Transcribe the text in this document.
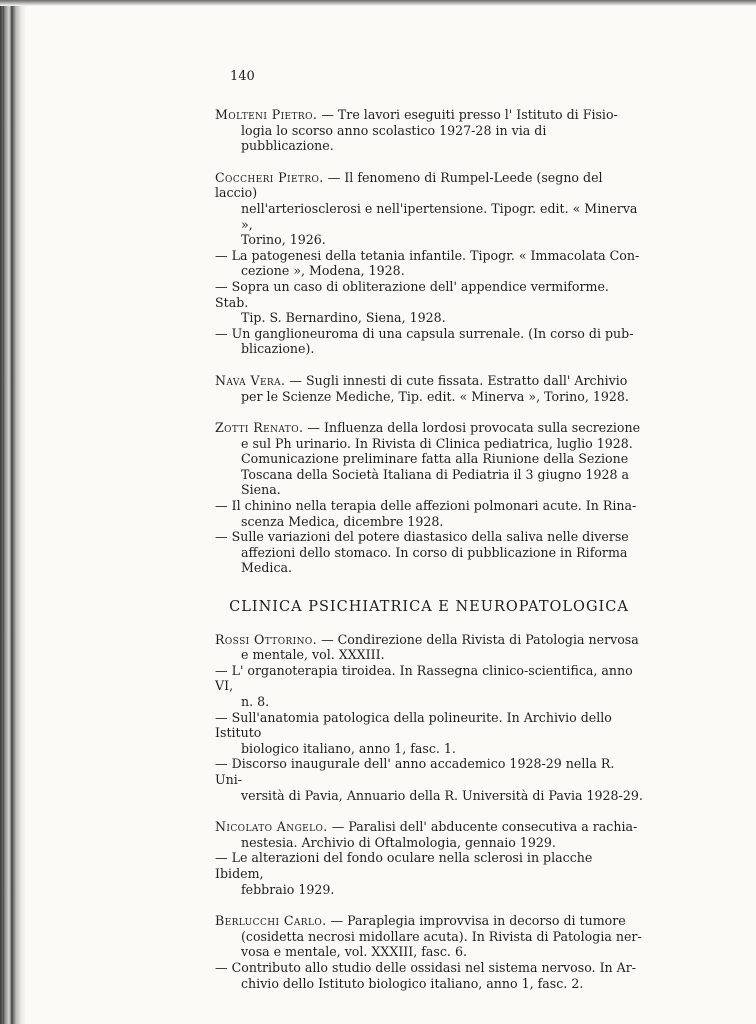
140

Molteni Pietro. — Tre lavori eseguiti presso l' Istituto di Fisio-

logia lo scorso anno scolastico 1927-28 in via di pubblicazione.

Coccheri Pietro. — Il fenomeno di Rumpel-Leede (segno del laccio)

nell'arteriosclerosi e nell'ipertensione. Tipogr. edit. « Minerva »,

Torino, 1926.

— La patogenesi della tetania infantile. Tipogr. « Immacolata Con-

cezione », Modena, 1928.

— Sopra un caso di obliterazione dell' appendice vermiforme. Stab.

Tip. S. Bernardino, Siena, 1928.

— Un ganglioneuroma di una capsula surrenale. (In corso di pub-

blicazione).

Nava Vera. — Sugli innesti di cute fissata. Estratto dall' Archivio

per le Scienze Mediche, Tip. edit. « Minerva », Torino, 1928.

Zotti Renato. — Influenza della lordosi provocata sulla secrezione

e sul Ph urinario. In Rivista di Clinica pediatrica, luglio 1928.

Comunicazione preliminare fatta alla Riunione della Sezione

Toscana della Società Italiana di Pediatria il 3 giugno 1928 a

Siena.

— Il chinino nella terapia delle affezioni polmonari acute. In Rina-

scenza Medica, dicembre 1928.

— Sulle variazioni del potere diastasico della saliva nelle diverse

affezioni dello stomaco. In corso di pubblicazione in Riforma

Medica.

CLINICA PSICHIATRICA E NEUROPATOLOGICA

Rossi Ottorino. — Condirezione della Rivista di Patologia nervosa

e mentale, vol. XXXIII.

— L' organoterapia tiroidea. In Rassegna clinico-scientifica, anno VI,

n. 8.

— Sull'anatomia patologica della polineurite. In Archivio dello Istituto

biologico italiano, anno 1, fasc. 1.

— Discorso inaugurale dell' anno accademico 1928-29 nella R. Uni-

versità di Pavia, Annuario della R. Università di Pavia 1928-29.

Nicolato Angelo. — Paralisi dell' abducente consecutiva a rachia-

nestesia. Archivio di Oftalmologia, gennaio 1929.

— Le alterazioni del fondo oculare nella sclerosi in placche Ibidem,

febbraio 1929.

Berlucchi Carlo. — Paraplegia improvvisa in decorso di tumore

(cosidetta necrosi midollare acuta). In Rivista di Patologia ner-

vosa e mentale, vol. XXXIII, fasc. 6.

— Contributo allo studio delle ossidasi nel sistema nervoso. In Ar-

chivio dello Istituto biologico italiano, anno 1, fasc. 2.
